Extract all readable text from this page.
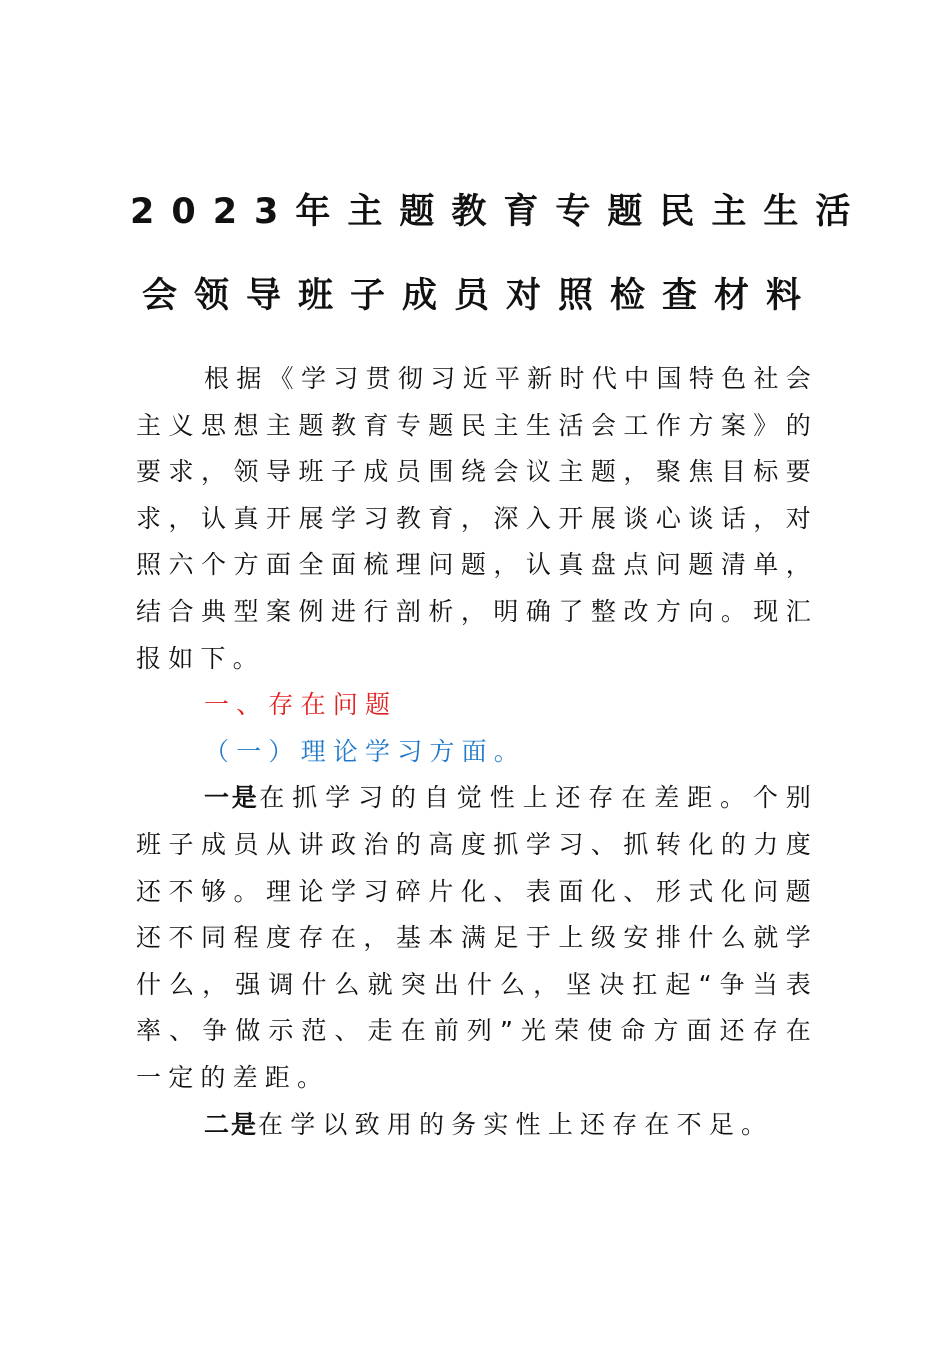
2023年主题教育专题民主生活
会领导班子成员对照检查材料

根据《学习贯彻习近平新时代中国特色社会主义思想主题教育专题民主生活会工作方案》的要求，领导班子成员围绕会议主题，聚焦目标要求，认真开展学习教育，深入开展谈心谈话，对照六个方面全面梳理问题，认真盘点问题清单，结合典型案例进行剖析，明确了整改方向。现汇报如下。

一、存在问题

（一）理论学习方面。

一是在抓学习的自觉性上还存在差距。个别班子成员从讲政治的高度抓学习、抓转化的力度还不够。理论学习碎片化、表面化、形式化问题还不同程度存在，基本满足于上级安排什么就学什么，强调什么就突出什么，坚决扛起“争当表率、争做示范、走在前列”光荣使命方面还存在一定的差距。

二是在学以致用的务实性上还存在不足。
